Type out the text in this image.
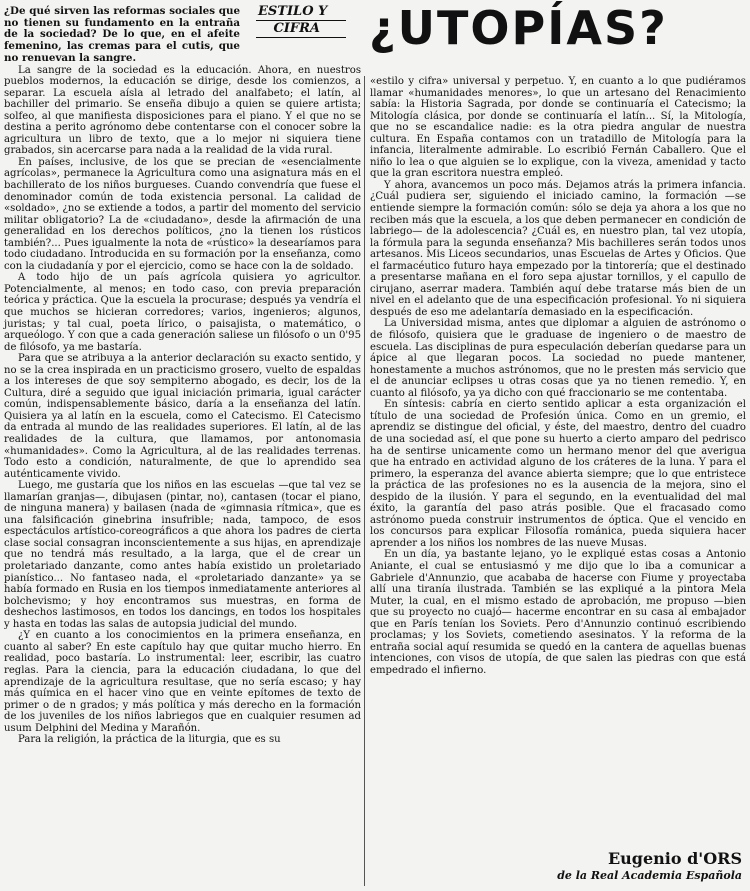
ESTILO Y
CIFRA	¿UTOPÍAS?

¿De qué sirven las reformas sociales que no tienen su fundamento en la entraña de la sociedad? De lo que, en el afeite femenino, las cremas para el cutis, que no renuevan la sangre.

La sangre de la sociedad es la educación. Ahora, en nuestros pueblos modernos, la educación se dirige, desde los comienzos, a separar. La escuela aísla al letrado del analfabeto; el latín, al bachiller del primario. Se enseña dibujo a quien se quiere artista; solfeo, al que manifiesta disposiciones para el piano. Y el que no se destina a perito agrónomo debe contentarse con el conocer sobre la agricultura un libro de texto, que a lo mejor ni siquiera tiene grabados, sin acercarse para nada a la realidad de la vida rural.

En países, inclusive, de los que se precian de «esencialmente agrícolas», permanece la Agricultura como una asignatura más en el bachillerato de los niños burgueses. Cuando convendría que fuese el denominador común de toda existencia personal. La calidad de «soldado», ¿no se extiende a todos, a partir del momento del servicio militar obligatorio? La de «ciudadano», desde la afirmación de una generalidad en los derechos políticos, ¿no la tienen los rústicos también?... Pues igualmente la nota de «rústico» la desearíamos para todo ciudadano. Introducida en su formación por la enseñanza, como con la ciudadanía y por el ejercicio, como se hace con la de soldado.

A todo hijo de un país agrícola quisiera yo agricultor. Potencialmente, al menos; en todo caso, con previa preparación teórica y práctica. Que la escuela la procurase; después ya vendría el que muchos se hicieran corredores; varios, ingenieros; algunos, juristas; y tal cual, poeta lírico, o paisajista, o matemático, o arqueólogo. Y con que a cada generación saliese un filósofo o un 0'95 de filósofo, ya me bastaría.

Para que se atribuya a la anterior declaración su exacto sentido, y no se la crea inspirada en un practicismo grosero, vuelto de espaldas a los intereses de que soy sempiterno abogado, es decir, los de la Cultura, diré a seguido que igual iniciación primaria, igual carácter común, indispensablemente básico, daría a la enseñanza del latín. Quisiera ya al latín en la escuela, como el Catecismo. El Catecismo da entrada al mundo de las realidades superiores. El latín, al de las realidades de la cultura, que llamamos, por antonomasia «humanidades». Como la Agricultura, al de las realidades terrenas. Todo esto a condición, naturalmente, de que lo aprendido sea auténticamente vivido.

Luego, me gustaría que los niños en las escuelas —que tal vez se llamarían granjas—, dibujasen (pintar, no), cantasen (tocar el piano, de ninguna manera) y bailasen (nada de «gimnasia rítmica», que es una falsificación ginebrina insufrible; nada, tampoco, de esos espectáculos artístico-coreográficos a que ahora los padres de cierta clase social consagran inconscientemente a sus hijas, en aprendizaje que no tendrá más resultado, a la larga, que el de crear un proletariado danzante, como antes había existido un proletariado pianístico... No fantaseo nada, el «proletariado danzante» ya se había formado en Rusia en los tiempos inmediatamente anteriores al bolchevismo; y hoy encontramos sus muestras, en forma de deshechos lastimosos, en todos los dancings, en todos los hospitales y hasta en todas las salas de autopsia judicial del mundo.

¿Y en cuanto a los conocimientos en la primera enseñanza, en cuanto al saber? En este capítulo hay que quitar mucho hierro. En realidad, poco bastaría. Lo instrumental: leer, escribir, las cuatro reglas. Para la ciencia, para la educación ciudadana, lo que del aprendizaje de la agricultura resultase, que no sería escaso; y hay más química en el hacer vino que en veinte epítomes de texto de primer o de n grados; y más política y más derecho en la formación de los juveniles de los niños labriegos que en cualquier resumen ad usum Delphini del Medina y Marañón.

Para la religión, la práctica de la liturgia, que es su

«estilo y cifra» universal y perpetuo. Y, en cuanto a lo que pudiéramos llamar «humanidades menores», lo que un artesano del Renacimiento sabía: la Historia Sagrada, por donde se continuaría el Catecismo; la Mitología clásica, por donde se continuaría el latín... Sí, la Mitología, que no se escandalice nadie: es la otra piedra angular de nuestra cultura. En España contamos con un tratadillo de Mitología para la infancia, literalmente admirable. Lo escribió Fernán Caballero. Que el niño lo lea o que alguien se lo explique, con la viveza, amenidad y tacto que la gran escritora nuestra empleó.

Y ahora, avancemos un poco más. Dejamos atrás la primera infancia. ¿Cuál pudiera ser, siguiendo el iniciado camino, la formación —se entiende siempre la formación común: sólo se deja ya ahora a los que no reciben más que la escuela, a los que deben permanecer en condición de labriego— de la adolescencia? ¿Cuál es, en nuestro plan, tal vez utopía, la fórmula para la segunda enseñanza? Mis bachilleres serán todos unos artesanos. Mis Liceos secundarios, unas Escuelas de Artes y Oficios. Que el farmacéutico futuro haya empezado por la tintorería; que el destinado a presentarse mañana en el foro sepa ajustar tornillos, y el capullo de cirujano, aserrar madera. También aquí debe tratarse más bien de un nivel en el adelanto que de una especificación profesional. Yo ni siquiera después de eso me adelantaría demasiado en la especificación.

La Universidad misma, antes que diplomar a alguien de astrónomo o de filósofo, quisiera que le graduase de ingeniero o de maestro de escuela. Las disciplinas de pura especulación deberían quedarse para un ápice al que llegaran pocos. La sociedad no puede mantener, honestamente a muchos astrónomos, que no le presten más servicio que el de anunciar eclipses u otras cosas que ya no tienen remedio. Y, en cuanto al filósofo, ya ya dicho con qué fraccionario se me contentaba.

En síntesis: cabría en cierto sentido aplicar a esta organización el título de una sociedad de Profesión única. Como en un gremio, el aprendiz se distingue del oficial, y éste, del maestro, dentro del cuadro de una sociedad así, el que pone su huerto a cierto amparo del pedrisco ha de sentirse unicamente como un hermano menor del que averigua que ha entrado en actividad alguno de los cráteres de la luna. Y para el primero, la esperanza del avance abierta siempre; que lo que entristece la práctica de las profesiones no es la ausencia de la mejora, sino el despido de la ilusión. Y para el segundo, en la eventualidad del mal éxito, la garantía del paso atrás posible. Que el fracasado como astrónomo pueda construir instrumentos de óptica. Que el vencido en los concursos para explicar Filosofía románica, pueda siquiera hacer aprender a los niños los nombres de las nueve Musas.

En un día, ya bastante lejano, yo le expliqué estas cosas a Antonio Aniante, el cual se entusiasmó y me dijo que lo iba a comunicar a Gabriele d'Annunzio, que acababa de hacerse con Fiume y proyectaba allí una tiranía ilustrada. También se las expliqué a la pintora Mela Muter, la cual, en el mismo estado de aprobación, me propuso —bien que su proyecto no cuajó— hacerme encontrar en su casa al embajador que en París tenían los Soviets. Pero d'Annunzio continuó escribiendo proclamas; y los Soviets, cometiendo asesinatos. Y la reforma de la entraña social aquí resumida se quedó en la cantera de aquellas buenas intenciones, con visos de utopía, de que salen las piedras con que está empedrado el infierno.

Eugenio d'ORS
de la Real Academia Española
